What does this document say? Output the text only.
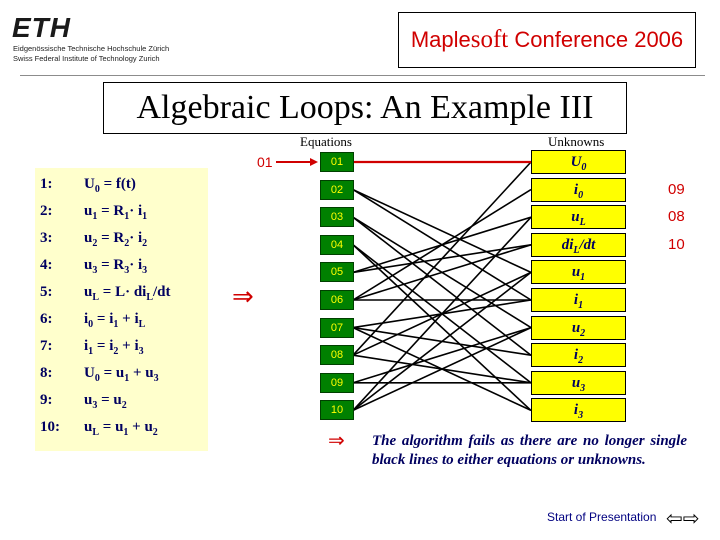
ETH
Eidgenössische Technische Hochschule Zürich
Swiss Federal Institute of Technology Zurich
Maple soft Conference 2006
Algebraic Loops: An Example III
Equations	Unknowns
1: $U_0 = f(t)$
2: $u_1 = R_1\cdot i_1$
3: $u_2 = R_2\cdot i_2$
4: $u_3 = R_3\cdot i_3$
5: $u_L = L\cdot di_L/dt$
6: $i_0 = i_1 + i_L$
7: $i_1 = i_2 + i_3$
8: $U_0 = u_1 + u_3$
9: $u_3 = u_2$
10: $u_L = u_1 + u_2$
⇒
01
02
03
04
05
06
07
08
09
10
$U_0$
$i_0$	09
$u_L$	08
$di_L/dt$	10
$u_1$
$i_1$
$u_2$
$i_2$
$u_3$
$i_3$
01
⇒ The algorithm fails as there are no longer single black lines to either equations or unknowns.
Start of Presentation ⇦⇨
